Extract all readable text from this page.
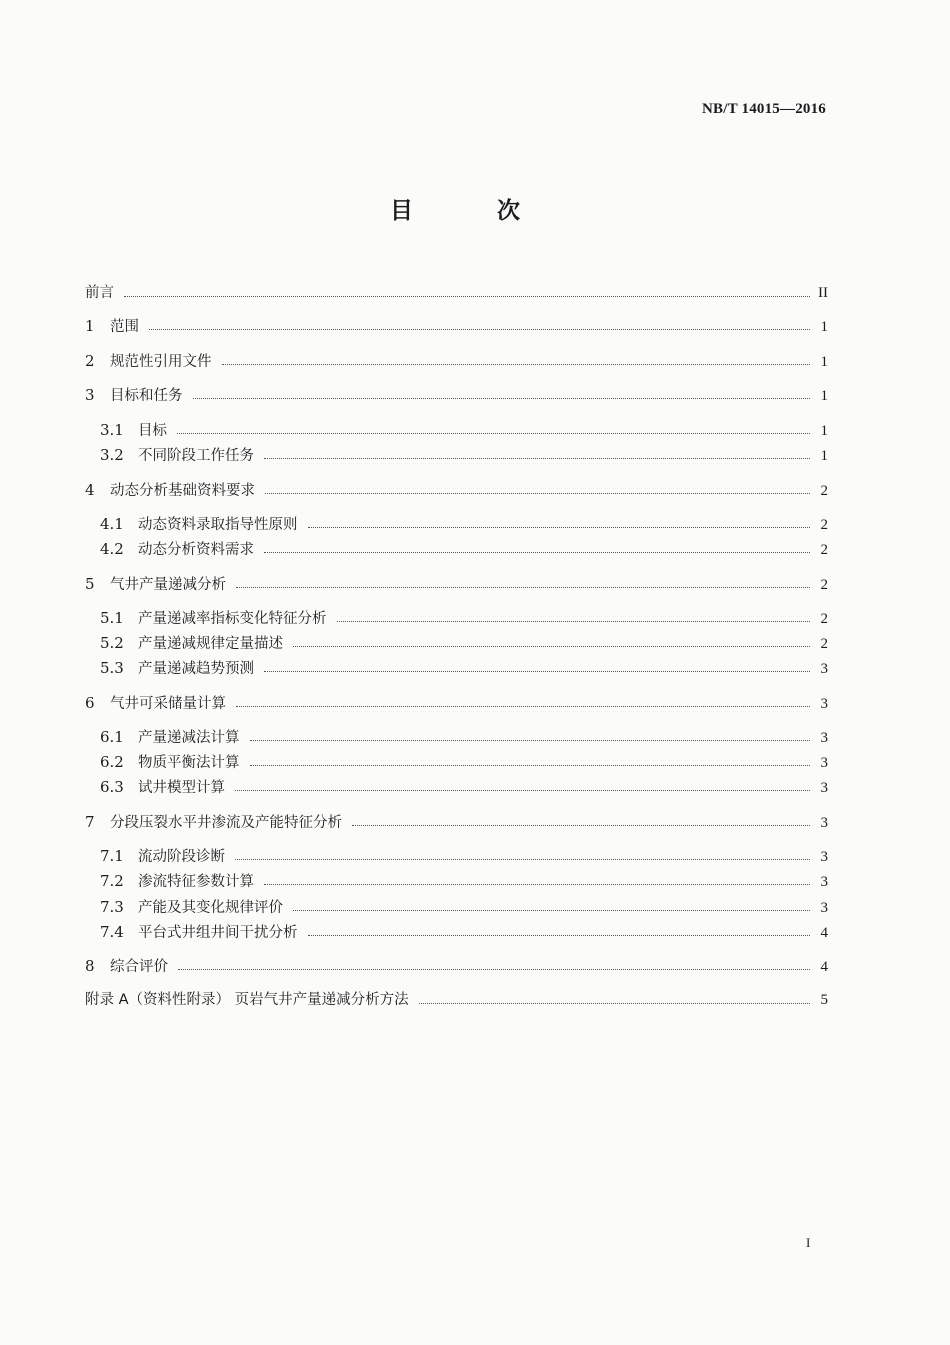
NB/T 14015—2016
目 次
前言	II
1	范围	1
2	规范性引用文件	1
3	目标和任务	1
3.1 目标	1
3.2 不同阶段工作任务	1
4	动态分析基础资料要求	2
4.1 动态资料录取指导性原则	2
4.2 动态分析资料需求	2
5	气井产量递减分析	2
5.1 产量递减率指标变化特征分析	2
5.2 产量递减规律定量描述	2
5.3 产量递减趋势预测	3
6	气井可采储量计算	3
6.1 产量递减法计算	3
6.2 物质平衡法计算	3
6.3 试井模型计算	3
7	分段压裂水平井渗流及产能特征分析	3
7.1 流动阶段诊断	3
7.2 渗流特征参数计算	3
7.3 产能及其变化规律评价	3
7.4 平台式井组井间干扰分析	4
8	综合评价	4
附录 A（资料性附录） 页岩气井产量递减分析方法	5
I
